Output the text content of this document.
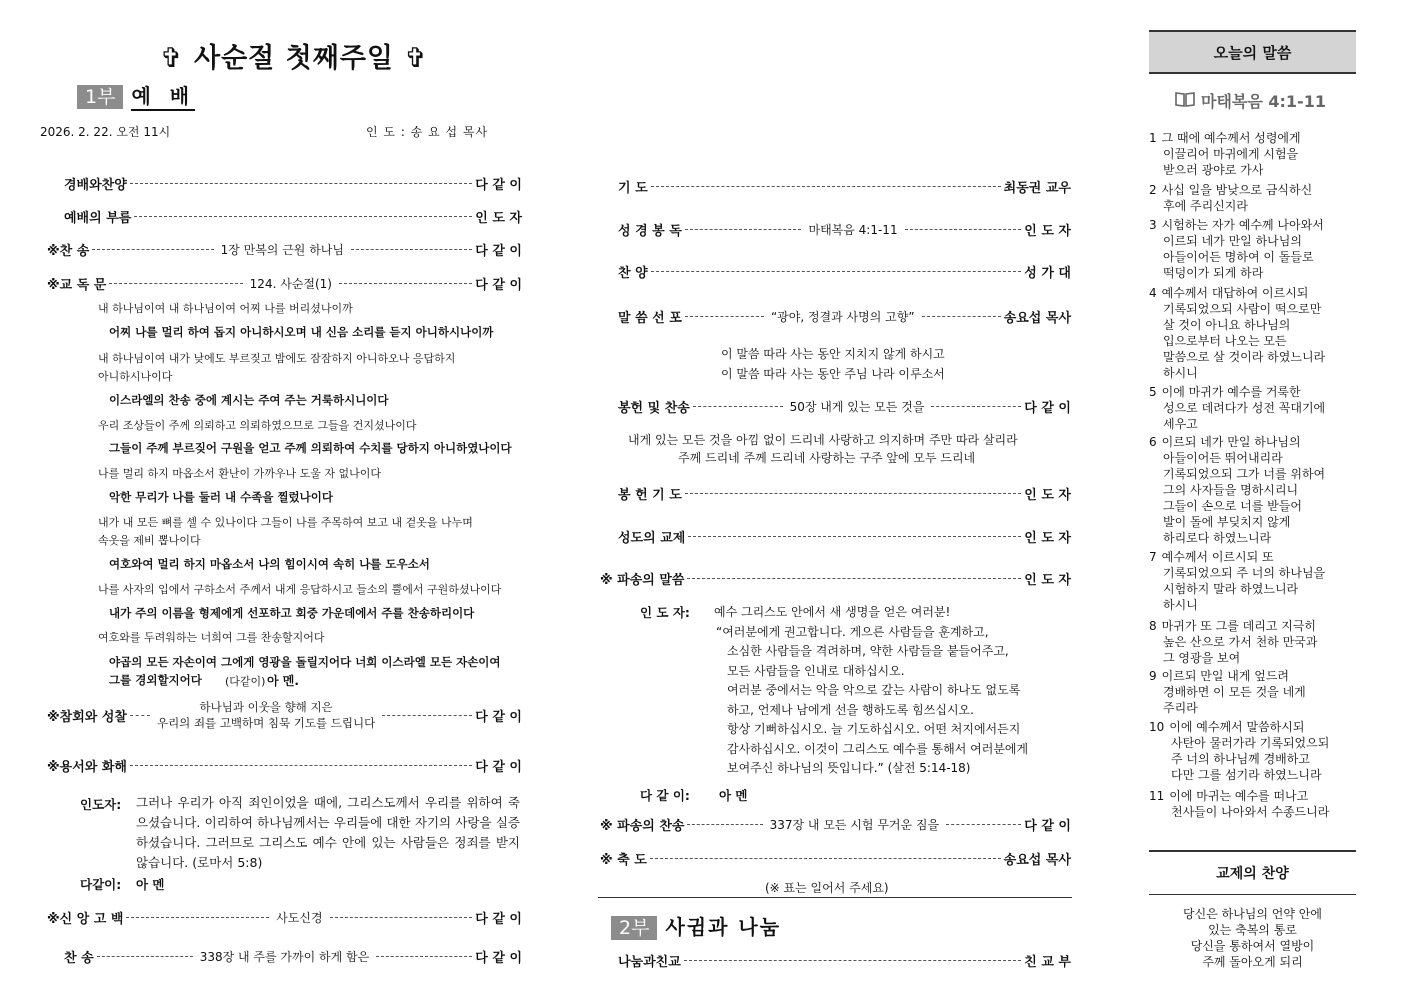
✞ 사순절 첫째주일 ✞
1부 예 배
2026. 2. 22. 오전 11시	인 도 : 송 요 섭 목사
경배와찬양	다 같 이
예배의 부름	인 도 자
※찬 송	1장 만복의 근원 하나님	다 같 이
※교 독 문	124. 사순절(1)	다 같 이
내 하나님이여 내 하나님이여 어찌 나를 버리셨나이까
어찌 나를 멀리 하여 돕지 아니하시오며 내 신음 소리를 듣지 아니하시나이까
내 하나님이여 내가 낮에도 부르짖고 밤에도 잠잠하지 아니하오나 응답하지
아니하시나이다
이스라엘의 찬송 중에 계시는 주여 주는 거룩하시니이다
우리 조상들이 주께 의뢰하고 의뢰하였으므로 그들을 건지셨나이다
그들이 주께 부르짖어 구원을 얻고 주께 의뢰하여 수치를 당하지 아니하였나이다
나를 멀리 하지 마옵소서 환난이 가까우나 도울 자 없나이다
악한 무리가 나를 둘러 내 수족을 찔렀나이다
내가 내 모든 뼈를 셀 수 있나이다 그들이 나를 주목하여 보고 내 겉옷을 나누며
속옷을 제비 뽑나이다
여호와여 멀리 하지 마옵소서 나의 힘이시여 속히 나를 도우소서
나를 사자의 입에서 구하소서 주께서 내게 응답하시고 들소의 뿔에서 구원하셨나이다
내가 주의 이름을 형제에게 선포하고 회중 가운데에서 주를 찬송하리이다
여호와를 두려워하는 너희여 그를 찬송할지어다
야곱의 모든 자손이여 그에게 영광을 돌릴지어다 너희 이스라엘 모든 자손이여
그를 경외할지어다 (다같이) 아 멘.
※참회와 성찰
하나님과 이웃을 향해 지은
우리의 죄를 고백하며 침묵 기도를 드립니다	다 같 이
※용서와 화해	다 같 이
인도자: 그러나 우리가 아직 죄인이었을 때에, 그리스도께서 우리를 위하여 죽으셨습니다. 이리하여 하나님께서는 우리들에 대한 자기의 사랑을 실증하셨습니다. 그러므로 그리스도 예수 안에 있는 사람들은 정죄를 받지 않습니다. (로마서 5:8)
다같이: 아 멘
※신 앙 고 백	사도신경	다 같 이
찬 송	338장 내 주를 가까이 하게 함은	다 같 이
기 도	최동권 교우
성 경 봉 독	마태복음 4:1-11	인 도 자
찬 양	성 가 대
말 씀 선 포	“광야, 정결과 사명의 고향”	송요섭 목사
이 말씀 따라 사는 동안 지치지 않게 하시고
이 말씀 따라 사는 동안 주님 나라 이루소서
봉헌 및 찬송	50장 내게 있는 모든 것을	다 같 이
내게 있는 모든 것을 아낌 없이 드리네 사랑하고 의지하며 주만 따라 살리라
주께 드리네 주께 드리네 사랑하는 구주 앞에 모두 드리네
봉 헌 기 도	인 도 자
성도의 교제	인 도 자
※ 파송의 말씀	인 도 자
인 도 자: 예수 그리스도 안에서 새 생명을 얻은 여러분!
“여러분에게 권고합니다. 게으른 사람들을 훈계하고,
소심한 사람들을 격려하며, 약한 사람들을 붙들어주고,
모든 사람들을 인내로 대하십시오.
여러분 중에서는 악을 악으로 갚는 사람이 하나도 없도록
하고, 언제나 남에게 선을 행하도록 힘쓰십시오.
항상 기뻐하십시오. 늘 기도하십시오. 어떤 처지에서든지
감사하십시오. 이것이 그리스도 예수를 통해서 여러분에게
보여주신 하나님의 뜻입니다.” (살전 5:14-18)
다 같 이: 아 멘
※ 파송의 찬송	337장 내 모든 시험 무거운 짐을	다 같 이
※ 축 도	송요섭 목사
(※ 표는 일어서 주세요)
2부 사귐과 나눔
나눔과친교	친 교 부
오늘의 말씀
마태복음 4:1-11
1 그 때에 예수께서 성령에게
이끌리어 마귀에게 시험을
받으러 광야로 가사
2 사십 일을 밤낮으로 금식하신
후에 주리신지라
3 시험하는 자가 예수께 나아와서
이르되 네가 만일 하나님의
아들이어든 명하여 이 돌들로
떡덩이가 되게 하라
4 예수께서 대답하여 이르시되
기록되었으되 사람이 떡으로만
살 것이 아니요 하나님의
입으로부터 나오는 모든
말씀으로 살 것이라 하였느니라
하시니
5 이에 마귀가 예수를 거룩한
성으로 데려다가 성전 꼭대기에
세우고
6 이르되 네가 만일 하나님의
아들이어든 뛰어내리라
기록되었으되 그가 너를 위하여
그의 사자들을 명하시리니
그들이 손으로 너를 받들어
발이 돌에 부딪치지 않게
하리로다 하였느니라
7 예수께서 이르시되 또
기록되었으되 주 너의 하나님을
시험하지 말라 하였느니라
하시니
8 마귀가 또 그를 데리고 지극히
높은 산으로 가서 천하 만국과
그 영광을 보여
9 이르되 만일 내게 엎드려
경배하면 이 모든 것을 네게
주리라
10 이에 예수께서 말씀하시되
사탄아 물러가라 기록되었으되
주 너의 하나님께 경배하고
다만 그를 섬기라 하였느니라
11 이에 마귀는 예수를 떠나고
천사들이 나아와서 수종드니라
교제의 찬양
당신은 하나님의 언약 안에
있는 축복의 통로
당신을 통하여서 열방이
주께 돌아오게 되리
